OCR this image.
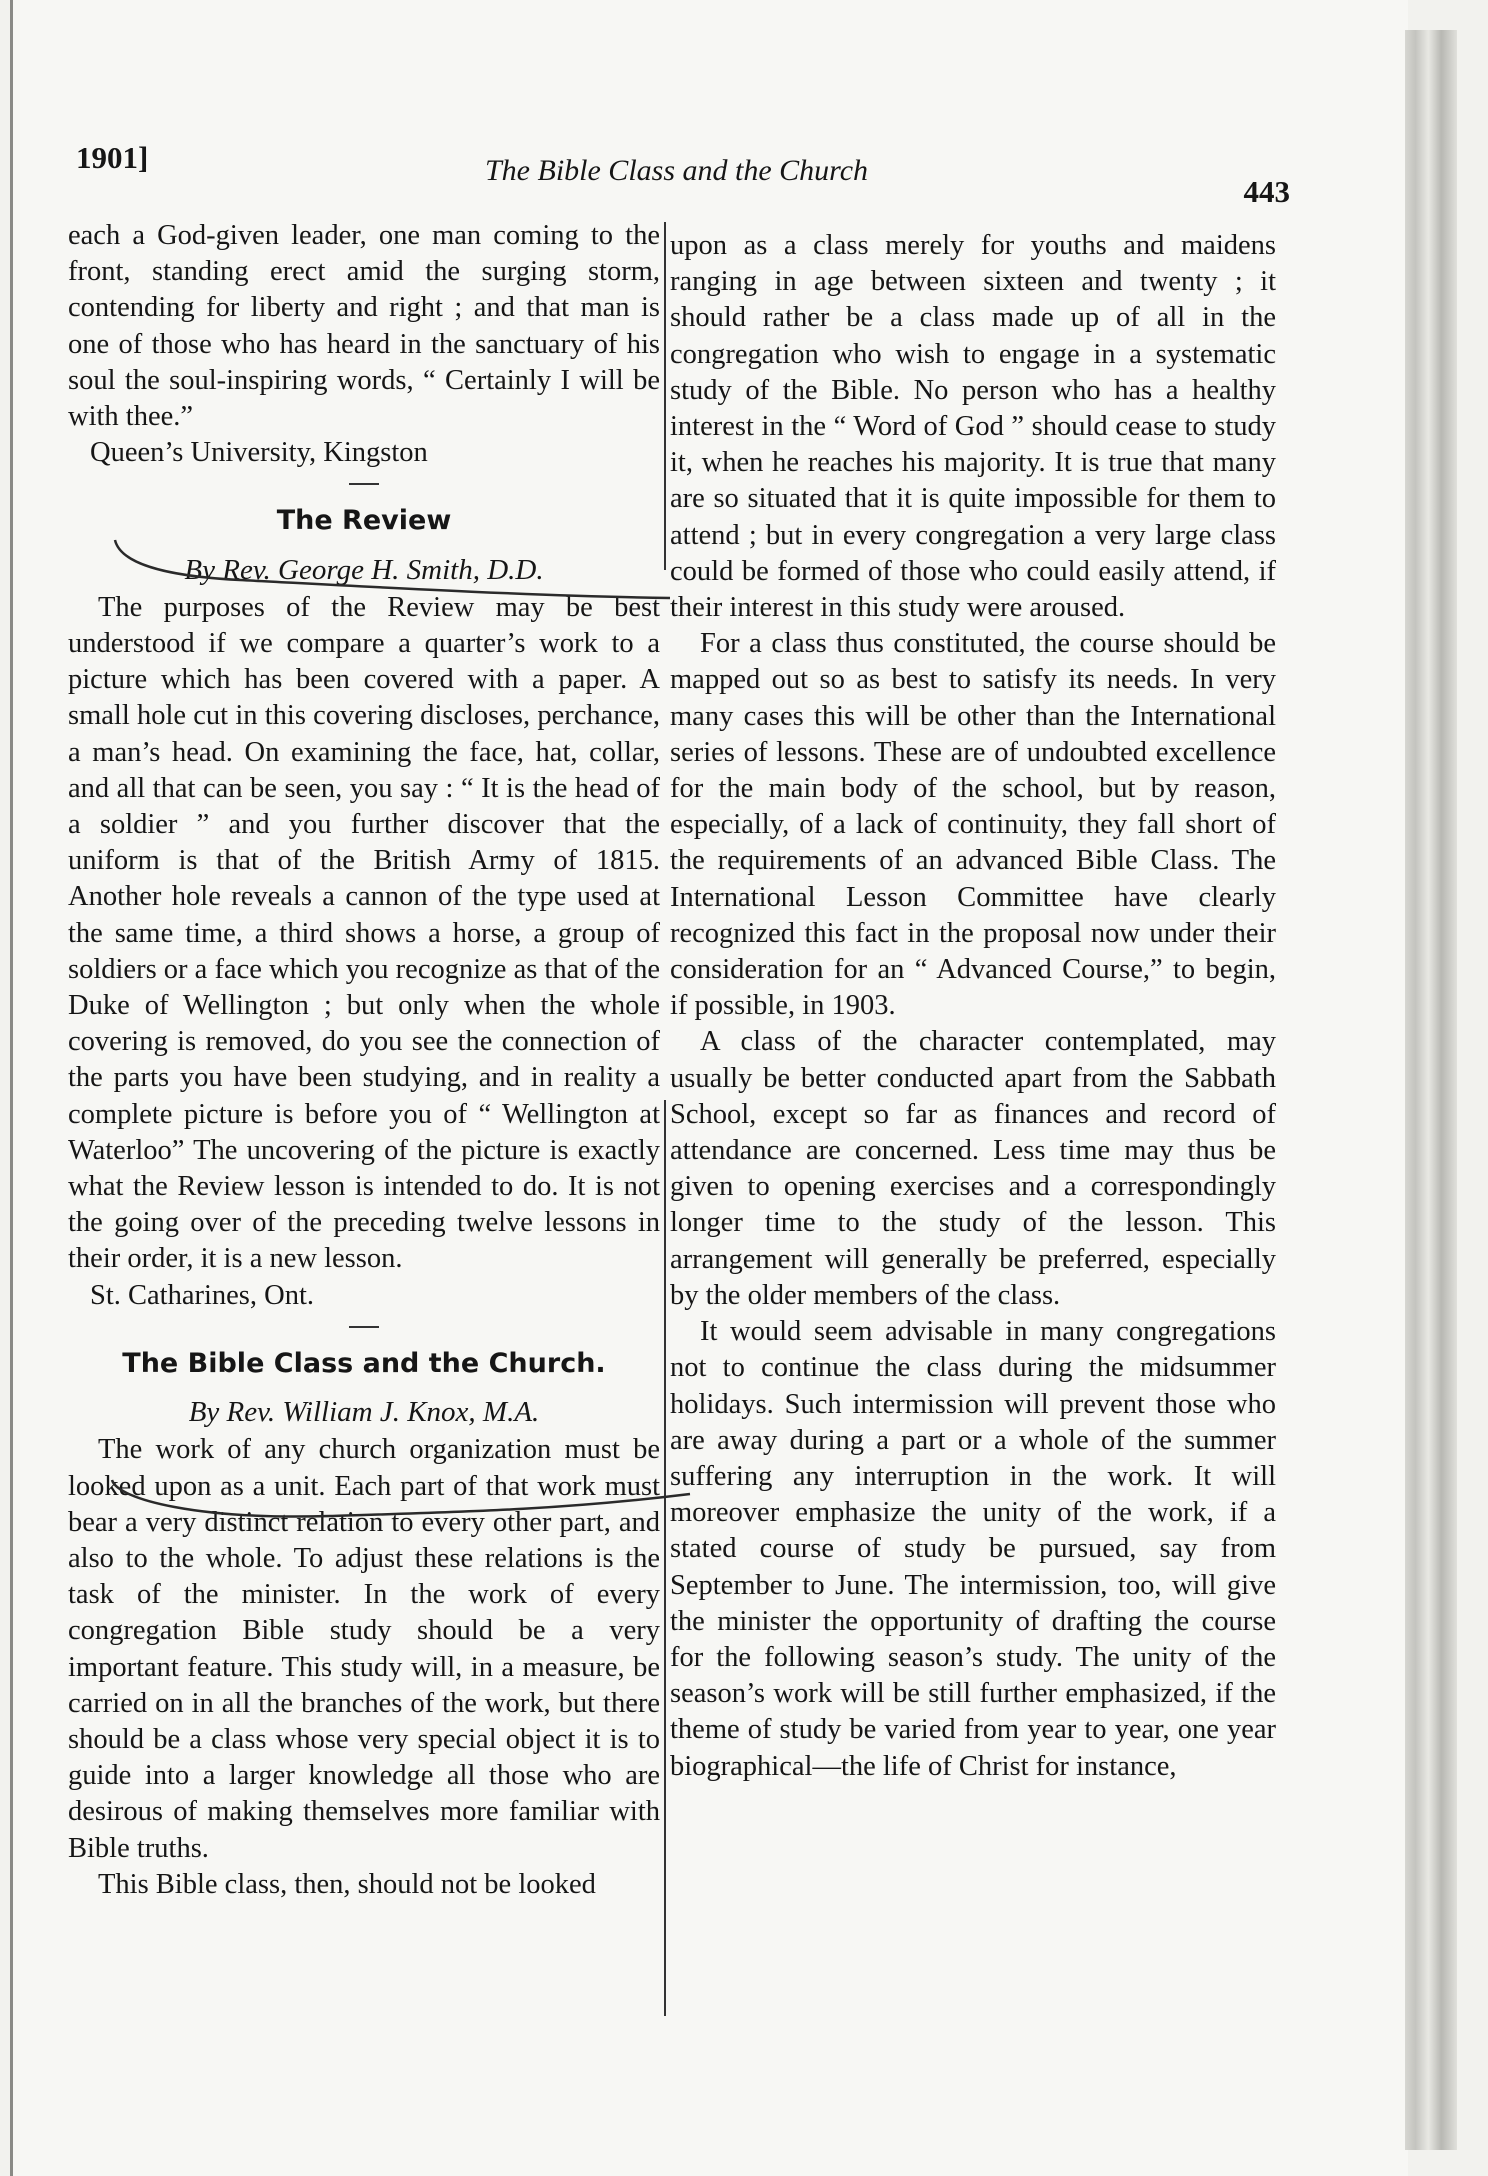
1901]	The Bible Class and the Church
443

each a God-given leader, one man coming to the front, standing erect amid the surging storm, contending for liberty and right ; and that man is one of those who has heard in the sanctuary of his soul the soul-inspiring words, “ Certainly I will be with thee.”

Queen’s University, Kingston

The Review
By Rev. George H. Smith, D.D.

The purposes of the Review may be best understood if we compare a quarter’s work to a picture which has been covered with a paper. A small hole cut in this covering discloses, perchance, a man’s head. On examining the face, hat, collar, and all that can be seen, you say : “ It is the head of a soldier ” and you further discover that the uniform is that of the British Army of 1815. Another hole reveals a cannon of the type used at the same time, a third shows a horse, a group of soldiers or a face which you recognize as that of the Duke of Wellington ; but only when the whole covering is removed, do you see the connection of the parts you have been studying, and in reality a complete picture is before you of “ Wellington at Waterloo” The uncovering of the picture is exactly what the Review lesson is intended to do. It is not the going over of the preceding twelve lessons in their order, it is a new lesson.

St. Catharines, Ont.

The Bible Class and the Church.
By Rev. William J. Knox, M.A.

The work of any church organization must be looked upon as a unit. Each part of that work must bear a very distinct relation to every other part, and also to the whole. To adjust these relations is the task of the minister. In the work of every congregation Bible study should be a very important feature. This study will, in a measure, be carried on in all the branches of the work, but there should be a class whose very special object it is to guide into a larger knowledge all those who are desirous of making themselves more familiar with Bible truths.

This Bible class, then, should not be looked

upon as a class merely for youths and maidens ranging in age between sixteen and twenty ; it should rather be a class made up of all in the congregation who wish to engage in a systematic study of the Bible. No person who has a healthy interest in the “ Word of God ” should cease to study it, when he reaches his majority. It is true that many are so situated that it is quite impossible for them to attend ; but in every congregation a very large class could be formed of those who could easily attend, if their interest in this study were aroused.

For a class thus constituted, the course should be mapped out so as best to satisfy its needs. In very many cases this will be other than the International series of lessons. These are of undoubted excellence for the main body of the school, but by reason, especially, of a lack of continuity, they fall short of the requirements of an advanced Bible Class. The International Lesson Committee have clearly recognized this fact in the proposal now under their consideration for an “ Advanced Course,” to begin, if possible, in 1903.

A class of the character contemplated, may usually be better conducted apart from the Sabbath School, except so far as finances and record of attendance are concerned. Less time may thus be given to opening exercises and a correspondingly longer time to the study of the lesson. This arrangement will generally be preferred, especially by the older members of the class.

It would seem advisable in many congregations not to continue the class during the midsummer holidays. Such intermission will prevent those who are away during a part or a whole of the summer suffering any interruption in the work. It will moreover emphasize the unity of the work, if a stated course of study be pursued, say from September to June. The intermission, too, will give the minister the opportunity of drafting the course for the following season’s study. The unity of the season’s work will be still further emphasized, if the theme of study be varied from year to year, one year biographical—the life of Christ for instance,
